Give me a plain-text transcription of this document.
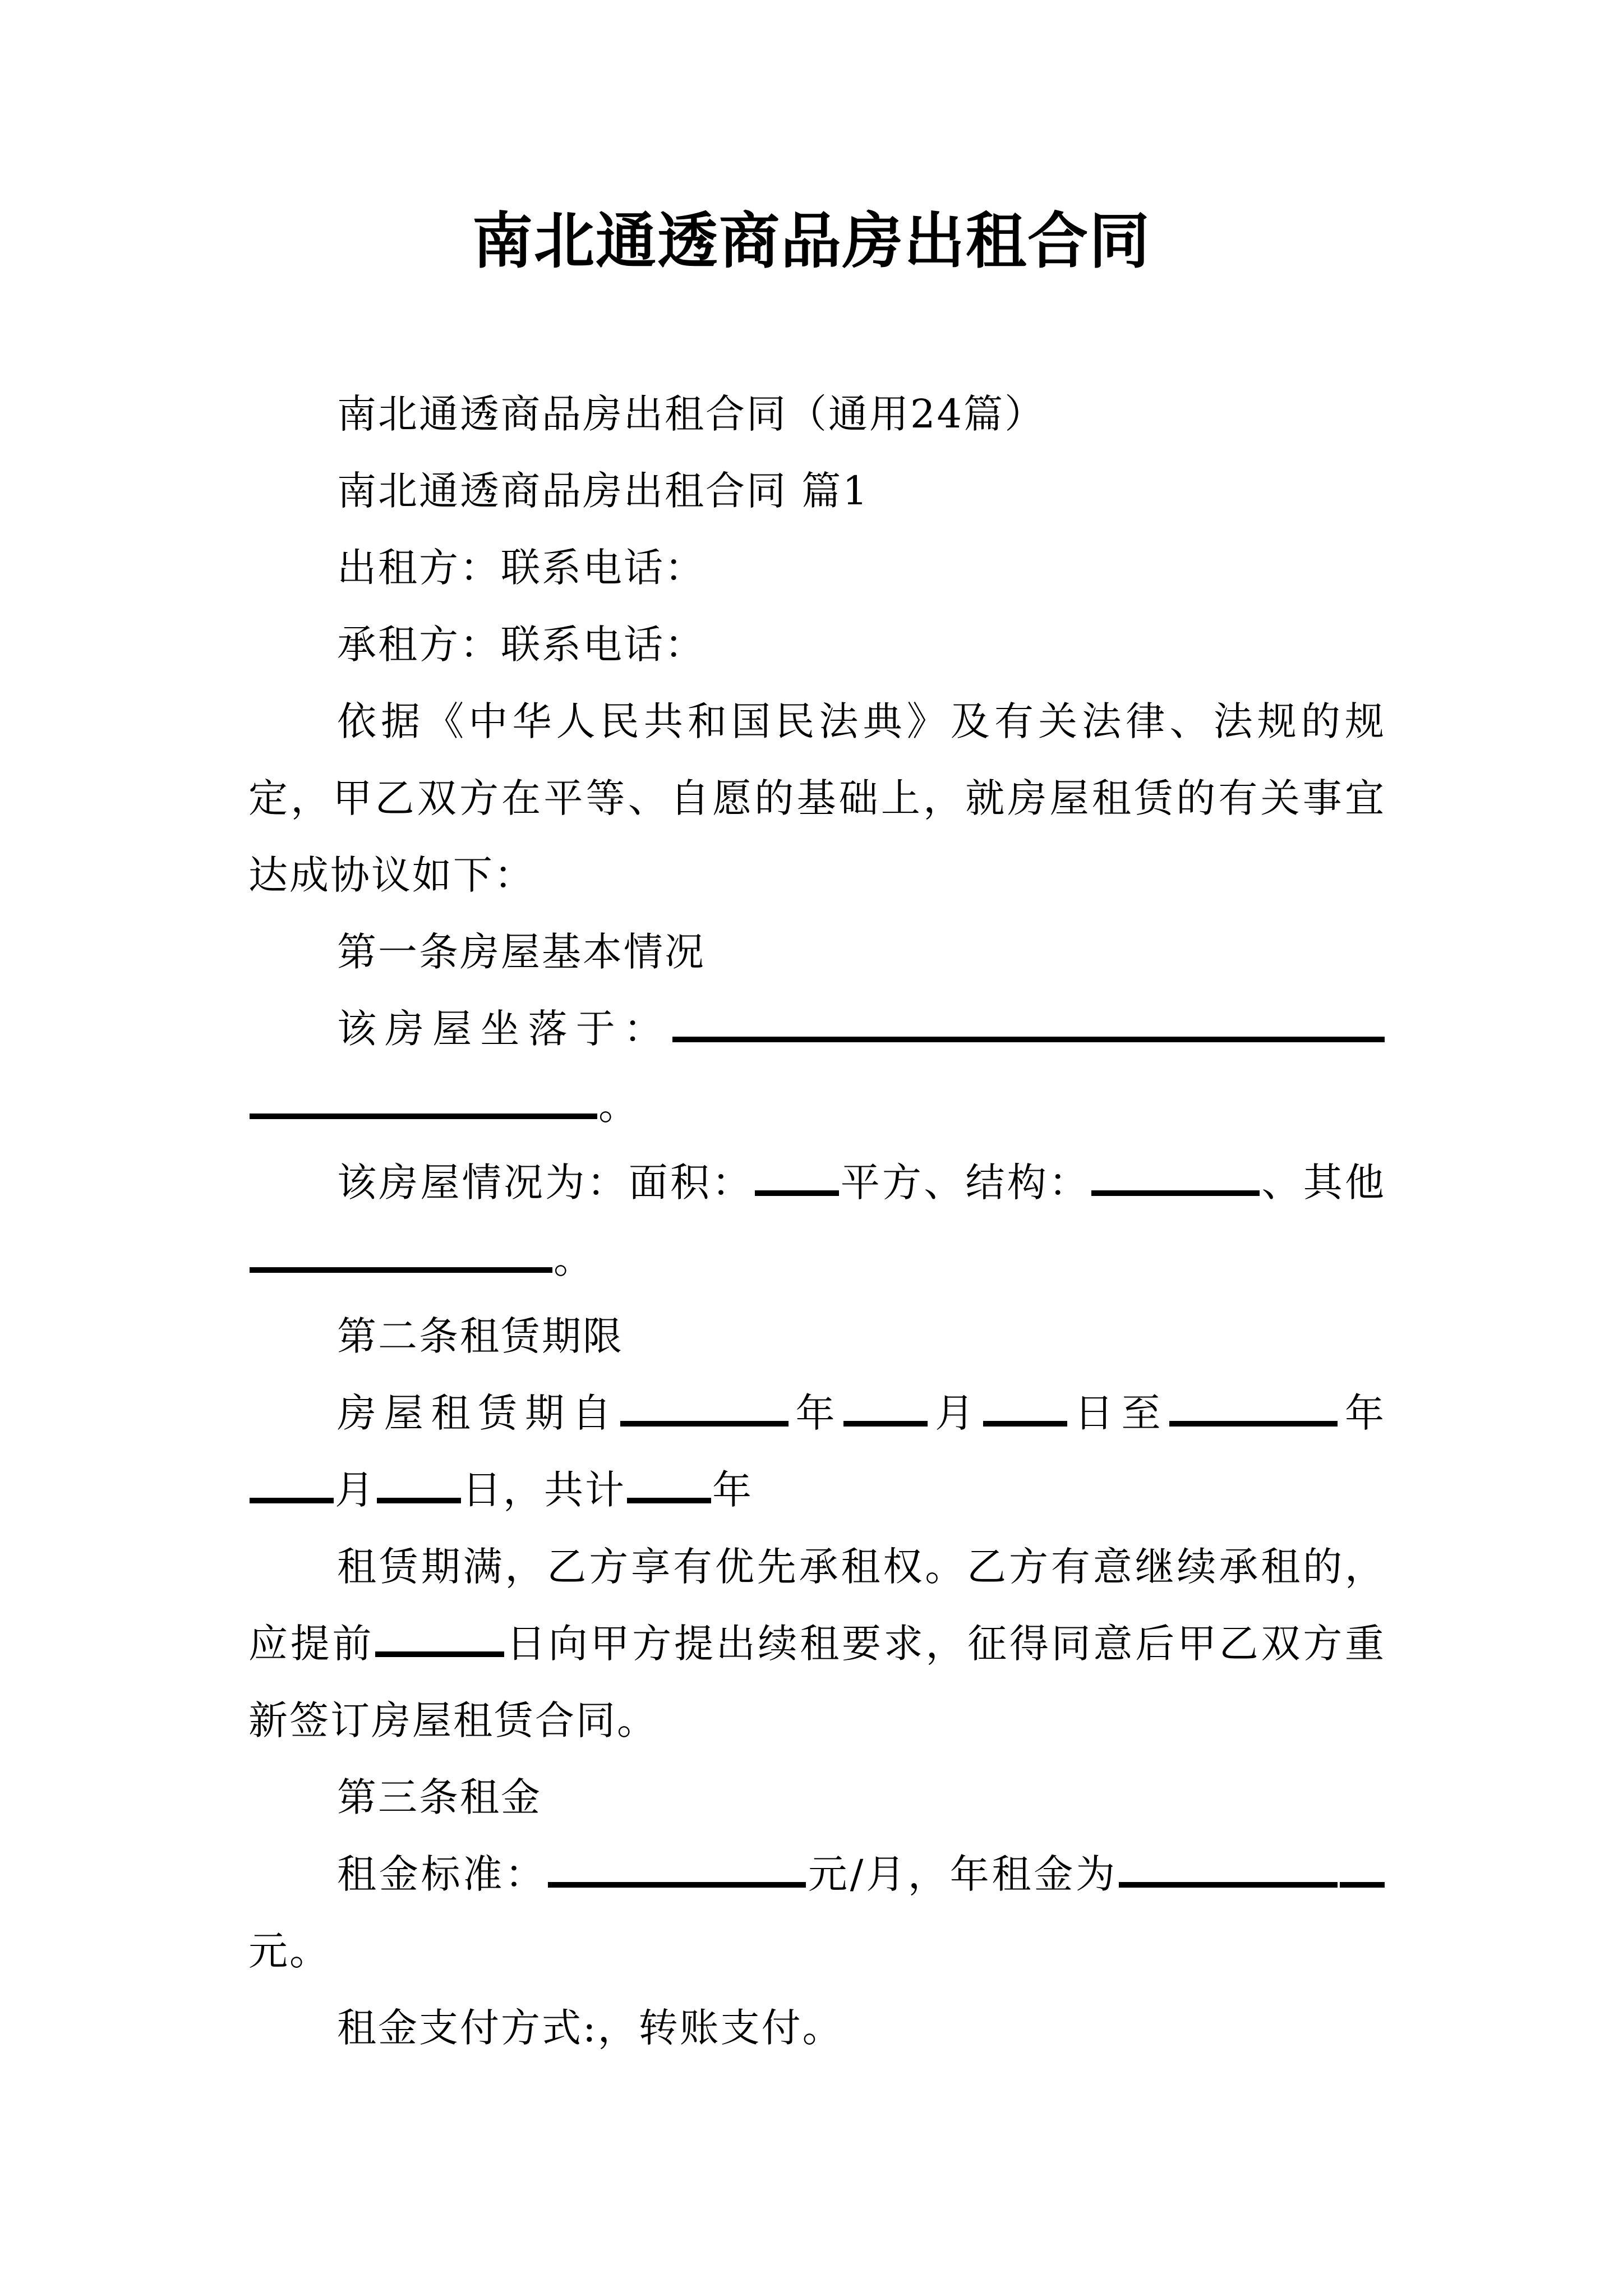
南北通透商品房出租合同

南北通透商品房出租合同（通用24篇）

南北通透商品房出租合同 篇1

出租方：联系电话：

承租方：联系电话：

依据《中华人民共和国民法典》及有关法律、法规的规定，甲乙双方在平等、自愿的基础上，就房屋租赁的有关事宜达成协议如下：

第一条房屋基本情况

该房屋坐落于：。

该房屋情况为：面积： 平方、结构：	、其他。

第二条租赁期限

房屋租赁期自	年 月 日至	年月 日，共计 年

租赁期满，乙方享有优先承租权。乙方有意继续承租的，应提前	日向甲方提出续租要求，征得同意后甲乙双方重新签订房屋租赁合同。

第三条租金

租金标准：	元/月，年租金为元。

租金支付方式:，转账支付。
